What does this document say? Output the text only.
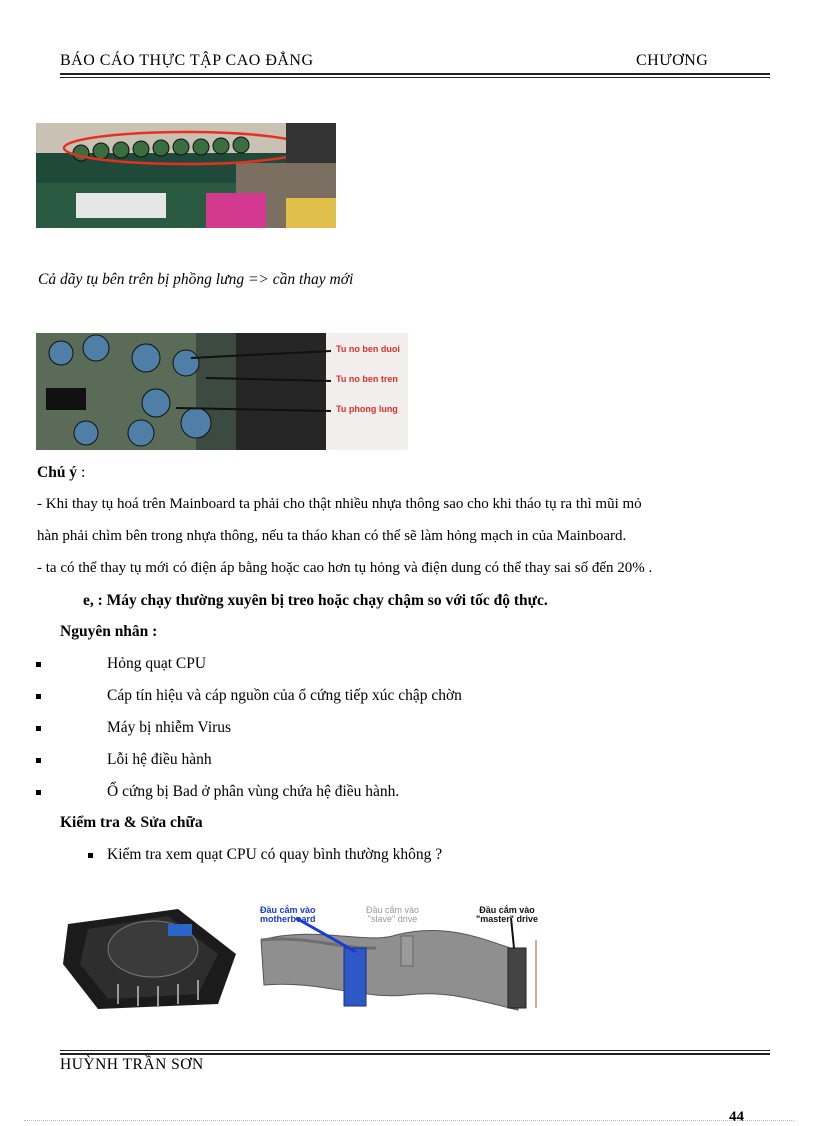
BÁO CÁO THỰC TẬP CAO ĐẲNG	CHƯƠNG
Cả dãy tụ bên trên bị phồng lưng => cần thay mới
Tu no ben duoi
Tu no ben tren
Tu phong lung
Chú ý :
- Khi thay tụ hoá trên Mainboard ta phải cho thật nhiều nhựa thông sao cho khi tháo tụ ra thì mũi mỏ
hàn phải chìm bên trong nhựa thông, nếu ta tháo khan có thể sẽ làm hỏng mạch in của Mainboard.
- ta có thể thay tụ mới có điện áp bằng hoặc cao hơn tụ hỏng và điện dung có thể thay sai số đến 20% .
e, : Máy chạy thường xuyên bị treo hoặc chạy chậm so với tốc độ thực.
Nguyên nhân :
Hỏng quạt CPU
Cáp tín hiệu và cáp nguồn của ổ cứng tiếp xúc chập chờn
Máy bị nhiễm Virus
Lỗi hệ điều hành
Ổ cứng bị Bad ở phân vùng chứa hệ điều hành.
Kiểm tra & Sửa chữa
Kiểm tra xem quạt CPU có quay bình thường không ?
Đầu cắm vào
motherboard
Đầu cắm vào
"slave" drive
Đầu cắm vào
"master" drive
HUỲNH TRẦN SƠN
44
